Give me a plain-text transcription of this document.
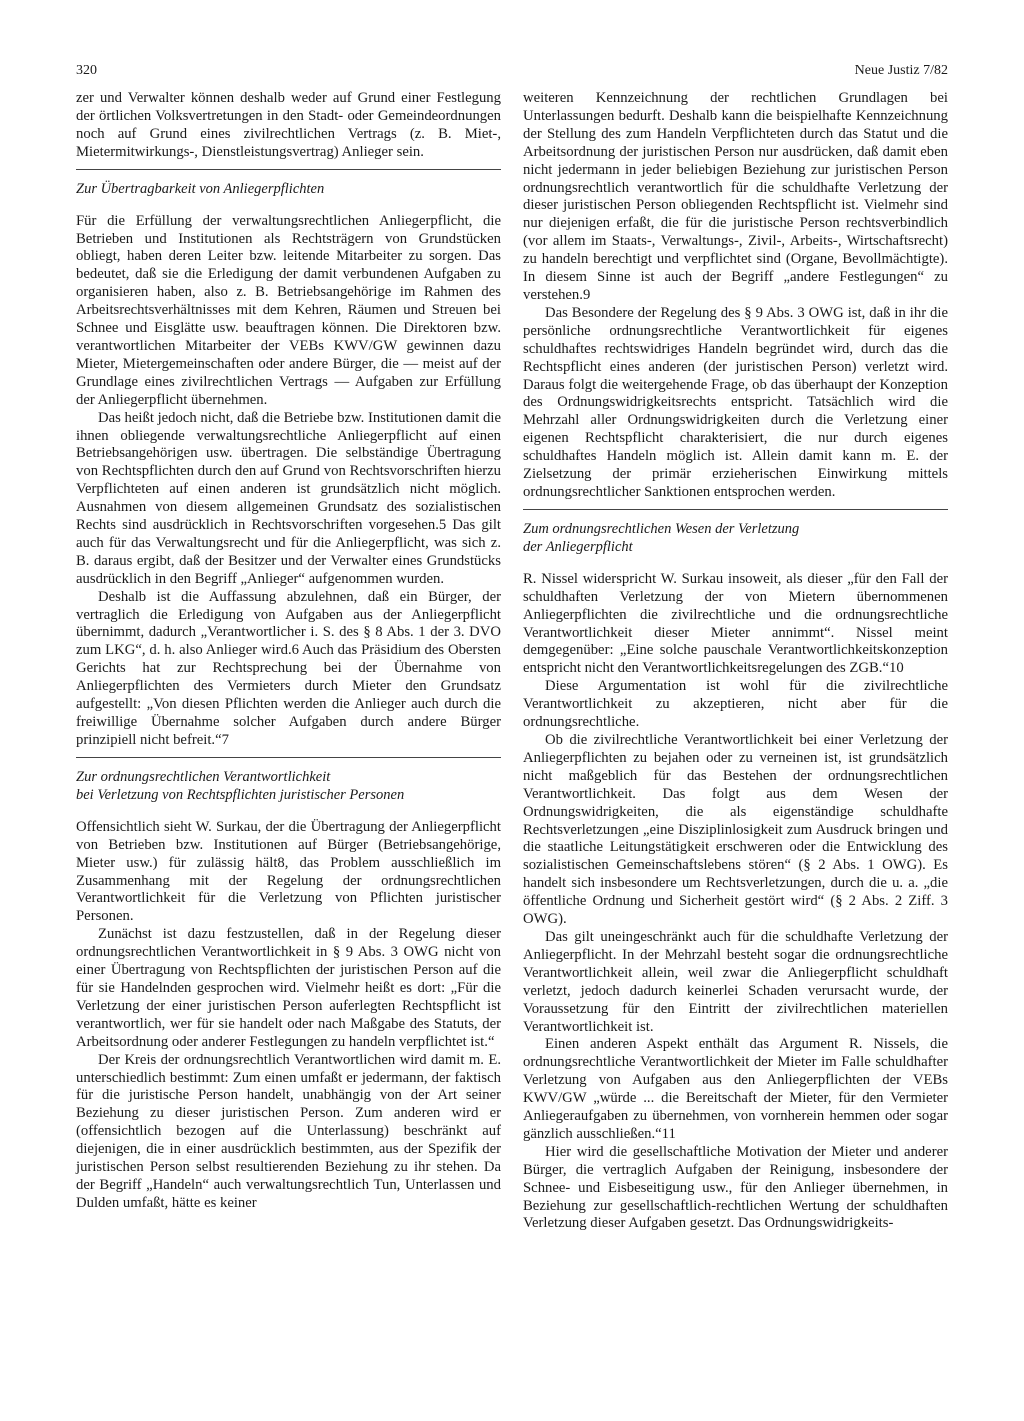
320	Neue Justiz 7/82

zer und Verwalter können deshalb weder auf Grund einer Festlegung der örtlichen Volksvertretungen in den Stadt- oder Gemeindeordnungen noch auf Grund eines zivilrechtlichen Vertrags (z. B. Miet-, Mietermitwirkungs-, Dienstleistungsvertrag) Anlieger sein.

Zur Übertragbarkeit von Anliegerpflichten

Für die Erfüllung der verwaltungsrechtlichen Anliegerpflicht, die Betrieben und Institutionen als Rechtsträgern von Grundstücken obliegt, haben deren Leiter bzw. leitende Mitarbeiter zu sorgen. Das bedeutet, daß sie die Erledigung der damit verbundenen Aufgaben zu organisieren haben, also z. B. Betriebsangehörige im Rahmen des Arbeitsrechtsverhältnisses mit dem Kehren, Räumen und Streuen bei Schnee und Eisglätte usw. beauftragen können. Die Direktoren bzw. verantwortlichen Mitarbeiter der VEBs KWV/GW gewinnen dazu Mieter, Mietergemeinschaften oder andere Bürger, die — meist auf der Grundlage eines zivilrechtlichen Vertrags — Aufgaben zur Erfüllung der Anliegerpflicht übernehmen.

Das heißt jedoch nicht, daß die Betriebe bzw. Institutionen damit die ihnen obliegende verwaltungsrechtliche Anliegerpflicht auf einen Betriebsangehörigen usw. übertragen. Die selbständige Übertragung von Rechtspflichten durch den auf Grund von Rechtsvorschriften hierzu Verpflichteten auf einen anderen ist grundsätzlich nicht möglich. Ausnahmen von diesem allgemeinen Grundsatz des sozialistischen Rechts sind ausdrücklich in Rechtsvorschriften vorgesehen.5 Das gilt auch für das Verwaltungsrecht und für die Anliegerpflicht, was sich z. B. daraus ergibt, daß der Besitzer und der Verwalter eines Grundstücks ausdrücklich in den Begriff „Anlieger“ aufgenommen wurden.

Deshalb ist die Auffassung abzulehnen, daß ein Bürger, der vertraglich die Erledigung von Aufgaben aus der Anliegerpflicht übernimmt, dadurch „Verantwortlicher i. S. des § 8 Abs. 1 der 3. DVO zum LKG“, d. h. also Anlieger wird.6 Auch das Präsidium des Obersten Gerichts hat zur Rechtsprechung bei der Übernahme von Anliegerpflichten des Vermieters durch Mieter den Grundsatz aufgestellt: „Von diesen Pflichten werden die Anlieger auch durch die freiwillige Übernahme solcher Aufgaben durch andere Bürger prinzipiell nicht befreit.“7

Zur ordnungsrechtlichen Verantwortlichkeit
bei Verletzung von Rechtspflichten juristischer Personen

Offensichtlich sieht W. Surkau, der die Übertragung der Anliegerpflicht von Betrieben bzw. Institutionen auf Bürger (Betriebsangehörige, Mieter usw.) für zulässig hält8, das Problem ausschließlich im Zusammenhang mit der Regelung der ordnungsrechtlichen Verantwortlichkeit für die Verletzung von Pflichten juristischer Personen.

Zunächst ist dazu festzustellen, daß in der Regelung dieser ordnungsrechtlichen Verantwortlichkeit in § 9 Abs. 3 OWG nicht von einer Übertragung von Rechtspflichten der juristischen Person auf die für sie Handelnden gesprochen wird. Vielmehr heißt es dort: „Für die Verletzung der einer juristischen Person auferlegten Rechtspflicht ist verantwortlich, wer für sie handelt oder nach Maßgabe des Statuts, der Arbeitsordnung oder anderer Festlegungen zu handeln verpflichtet ist.“

Der Kreis der ordnungsrechtlich Verantwortlichen wird damit m. E. unterschiedlich bestimmt: Zum einen umfaßt er jedermann, der faktisch für die juristische Person handelt, unabhängig von der Art seiner Beziehung zu dieser juristischen Person. Zum anderen wird er (offensichtlich bezogen auf die Unterlassung) beschränkt auf diejenigen, die in einer ausdrücklich bestimmten, aus der Spezifik der juristischen Person selbst resultierenden Beziehung zu ihr stehen. Da der Begriff „Handeln“ auch verwaltungsrechtlich Tun, Unterlassen und Dulden umfaßt, hätte es keiner

weiteren Kennzeichnung der rechtlichen Grundlagen bei Unterlassungen bedurft. Deshalb kann die beispielhafte Kennzeichnung der Stellung des zum Handeln Verpflichteten durch das Statut und die Arbeitsordnung der juristischen Person nur ausdrücken, daß damit eben nicht jedermann in jeder beliebigen Beziehung zur juristischen Person ordnungsrechtlich verantwortlich für die schuldhafte Verletzung der dieser juristischen Person obliegenden Rechtspflicht ist. Vielmehr sind nur diejenigen erfaßt, die für die juristische Person rechtsverbindlich (vor allem im Staats-, Verwaltungs-, Zivil-, Arbeits-, Wirtschaftsrecht) zu handeln berechtigt und verpflichtet sind (Organe, Bevollmächtigte). In diesem Sinne ist auch der Begriff „andere Festlegungen“ zu verstehen.9

Das Besondere der Regelung des § 9 Abs. 3 OWG ist, daß in ihr die persönliche ordnungsrechtliche Verantwortlichkeit für eigenes schuldhaftes rechtswidriges Handeln begründet wird, durch das die Rechtspflicht eines anderen (der juristischen Person) verletzt wird. Daraus folgt die weitergehende Frage, ob das überhaupt der Konzeption des Ordnungswidrigkeitsrechts entspricht. Tatsächlich wird die Mehrzahl aller Ordnungswidrigkeiten durch die Verletzung einer eigenen Rechtspflicht charakterisiert, die nur durch eigenes schuldhaftes Handeln möglich ist. Allein damit kann m. E. der Zielsetzung der primär erzieherischen Einwirkung mittels ordnungsrechtlicher Sanktionen entsprochen werden.

Zum ordnungsrechtlichen Wesen der Verletzung
der Anliegerpflicht

R. Nissel widerspricht W. Surkau insoweit, als dieser „für den Fall der schuldhaften Verletzung der von Mietern übernommenen Anliegerpflichten die zivilrechtliche und die ordnungsrechtliche Verantwortlichkeit dieser Mieter annimmt“. Nissel meint demgegenüber: „Eine solche pauschale Verantwortlichkeitskonzeption entspricht nicht den Verantwortlichkeitsregelungen des ZGB.“10

Diese Argumentation ist wohl für die zivilrechtliche Verantwortlichkeit zu akzeptieren, nicht aber für die ordnungsrechtliche.

Ob die zivilrechtliche Verantwortlichkeit bei einer Verletzung der Anliegerpflichten zu bejahen oder zu verneinen ist, ist grundsätzlich nicht maßgeblich für das Bestehen der ordnungsrechtlichen Verantwortlichkeit. Das folgt aus dem Wesen der Ordnungswidrigkeiten, die als eigenständige schuldhafte Rechtsverletzungen „eine Disziplinlosigkeit zum Ausdruck bringen und die staatliche Leitungstätigkeit erschweren oder die Entwicklung des sozialistischen Gemeinschaftslebens stören“ (§ 2 Abs. 1 OWG). Es handelt sich insbesondere um Rechtsverletzungen, durch die u. a. „die öffentliche Ordnung und Sicherheit gestört wird“ (§ 2 Abs. 2 Ziff. 3 OWG).

Das gilt uneingeschränkt auch für die schuldhafte Verletzung der Anliegerpflicht. In der Mehrzahl besteht sogar die ordnungsrechtliche Verantwortlichkeit allein, weil zwar die Anliegerpflicht schuldhaft verletzt, jedoch dadurch keinerlei Schaden verursacht wurde, der Voraussetzung für den Eintritt der zivilrechtlichen materiellen Verantwortlichkeit ist.

Einen anderen Aspekt enthält das Argument R. Nissels, die ordnungsrechtliche Verantwortlichkeit der Mieter im Falle schuldhafter Verletzung von Aufgaben aus den Anliegerpflichten der VEBs KWV/GW „würde ... die Bereitschaft der Mieter, für den Vermieter Anliegeraufgaben zu übernehmen, von vornherein hemmen oder sogar gänzlich ausschließen.“11

Hier wird die gesellschaftliche Motivation der Mieter und anderer Bürger, die vertraglich Aufgaben der Reinigung, insbesondere der Schnee- und Eisbeseitigung usw., für den Anlieger übernehmen, in Beziehung zur gesellschaftlich-rechtlichen Wertung der schuldhaften Verletzung dieser Aufgaben gesetzt. Das Ordnungswidrigkeits-
